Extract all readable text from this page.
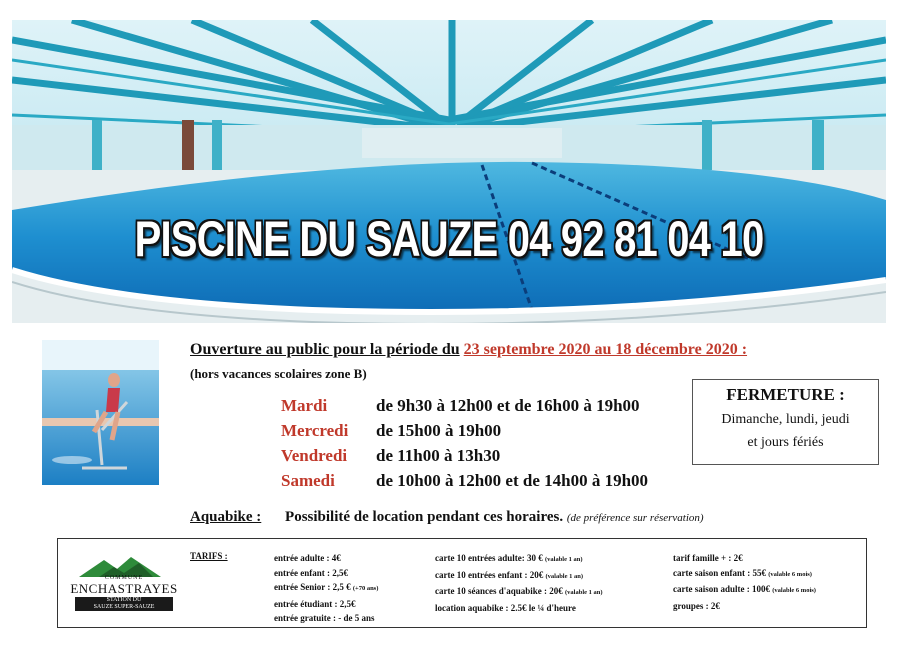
PISCINE DU SAUZE 04 92 81 04 10
Ouverture au public pour la période du 23 septembre 2020 au 18 décembre 2020 :
(hors vacances scolaires zone B)
Mardi	de 9h30 à 12h00 et de 16h00 à 19h00
Mercredi	de 15h00 à 19h00
Vendredi	de 11h00 à 13h30
Samedi	de 10h00 à 12h00 et de 14h00 à 19h00
FERMETURE :
Dimanche, lundi, jeudi
et jours fériés
Aquabike : Possibilité de location pendant ces horaires. (de préférence sur réservation)
COMMUNE
ENCHASTRAYES
STATION DU
SAUZE SUPER-SAUZE
TARIFS :	entrée adulte : 4€
entrée enfant : 2,5€
entrée Senior : 2,5 € (+70 ans)
entrée étudiant : 2,5€
entrée gratuite : - de 5 ans
carte 10 entrées adulte: 30 € (valable 1 an)
carte 10 entrées enfant : 20€ (valable 1 an)
carte 10 séances d'aquabike : 20€ (valable 1 an)
location aquabike : 2.5€ le ¼ d'heure
tarif famille + : 2€
carte saison enfant : 55€ (valable 6 mois)
carte saison adulte : 100€ (valable 6 mois)
groupes : 2€
